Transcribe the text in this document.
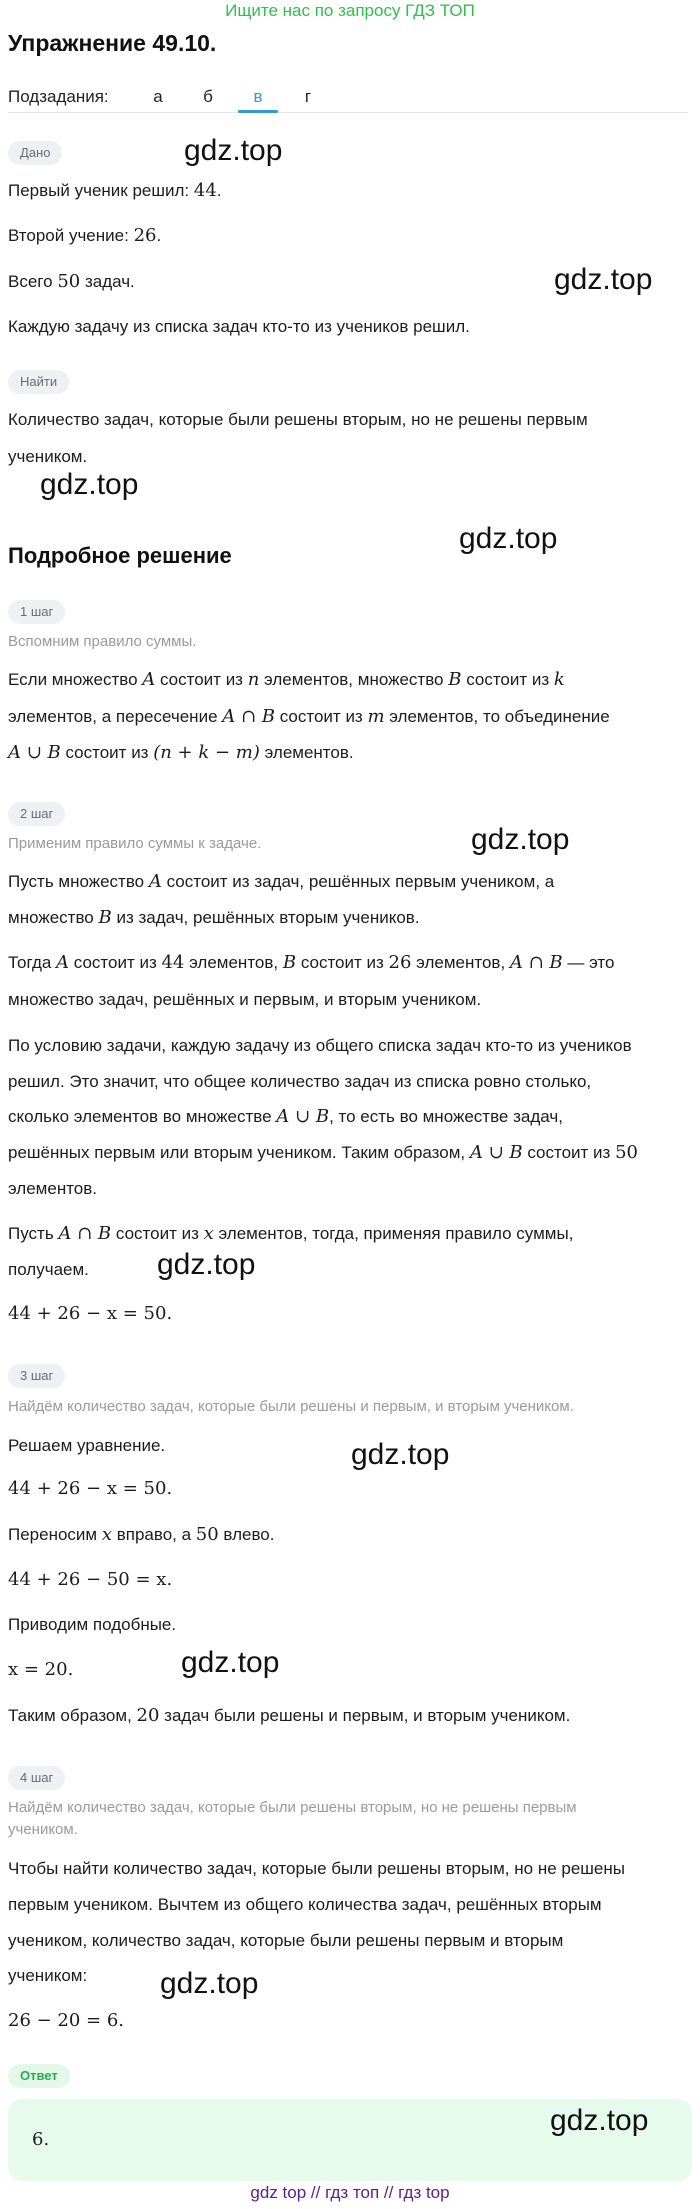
Ищите нас по запросу ГДЗ ТОП
Упражнение 49.10.
Подзадания:	а	б	в	г
Дано
Первый ученик решил: 44.
Второй учение: 26.
Всего 50 задач.
Каждую задачу из списка задач кто-то из учеников решил.
Найти
Количество задач, которые были решены вторым, но не решены первым
учеником.
Подробное решение
1 шаг
Вспомним правило суммы.
Если множество A состоит из n элементов, множество B состоит из k
элементов, а пересечение A ∩ B состоит из m элементов, то объединение
A ∪ B состоит из (n + k − m) элементов.
2 шаг
Применим правило суммы к задаче.
Пусть множество A состоит из задач, решённых первым учеником, а
множество B из задач, решённых вторым учеников.
Тогда A состоит из 44 элементов, B состоит из 26 элементов, A ∩ B — это
множество задач, решённых и первым, и вторым учеником.
По условию задачи, каждую задачу из общего списка задач кто-то из учеников
решил. Это значит, что общее количество задач из списка ровно столько,
сколько элементов во множестве A ∪ B, то есть во множестве задач,
решённых первым или вторым учеником. Таким образом, A ∪ B состоит из 50
элементов.
Пусть A ∩ B состоит из x элементов, тогда, применяя правило суммы,
получаем.
44 + 26 − x = 50.
3 шаг
Найдём количество задач, которые были решены и первым, и вторым учеником.
Решаем уравнение.
44 + 26 − x = 50.
Переносим x вправо, а 50 влево.
44 + 26 − 50 = x.
Приводим подобные.
x = 20.
Таким образом, 20 задач были решены и первым, и вторым учеником.
4 шаг
Найдём количество задач, которые были решены вторым, но не решены первым
учеником.
Чтобы найти количество задач, которые были решены вторым, но не решены
первым учеником. Вычтем из общего количества задач, решённых вторым
учеником, количество задач, которые были решены первым и вторым
учеником:
26 − 20 = 6.
Ответ
6.
gdz.top
gdz.top
gdz.top
gdz.top
gdz.top
gdz.top
gdz.top
gdz.top
gdz.top
gdz.top
gdz top // гдз топ // гдз top
